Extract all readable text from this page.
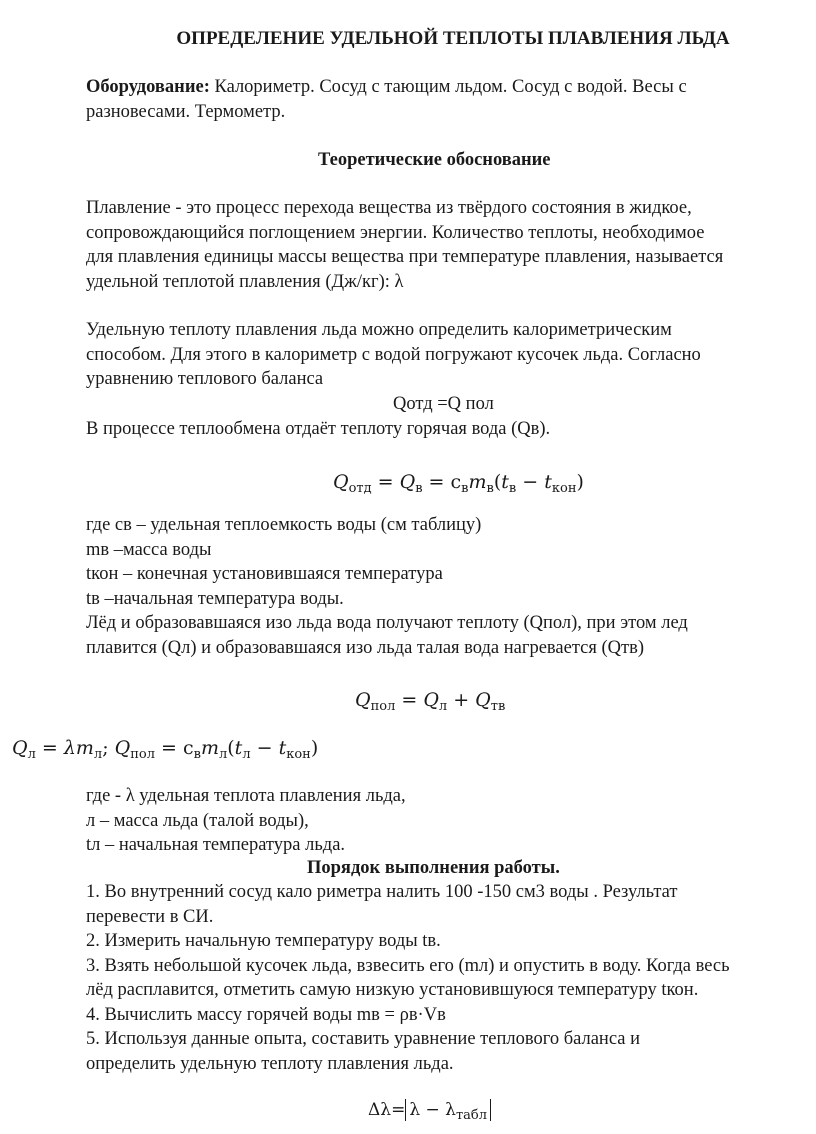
ОПРЕДЕЛЕНИЕ УДЕЛЬНОЙ ТЕПЛОТЫ ПЛАВЛЕНИЯ ЛЬДА
Оборудование: Калориметр. Сосуд с тающим льдом. Сосуд с водой. Весы с
разновесами. Термометр.
Теоретические обоснование
Плавление - это процесс перехода вещества из твёрдого состояния в жидкое,
сопровождающийся поглощением энергии. Количество теплоты, необходимое
для плавления единицы массы вещества при температуре плавления, называется
удельной теплотой плавления (Дж/кг): λ
Удельную теплоту плавления льда можно определить калориметрическим
способом. Для этого в калориметр с водой погружают кусочек льда. Согласно
уравнению теплового баланса
Qотд =Q пол
В процессе теплообмена отдаёт теплоту горячая вода (Qв).
$Q_{отд} = Q_в = c_вm_в(t_в - t_{кон})$
где св – удельная теплоемкость воды (см таблицу)
mв –масса воды
tкон – конечная установившаяся температура
tв –начальная температура воды.
Лёд и образовавшаяся изо льда вода получают теплоту (Qпол), при этом лед
плавится (Qл) и образовавшаяся изо льда талая вода нагревается (Qтв)
$Q_{пол} = Q_л + Q_{тв}$
$Q_л = \lambda m_л$; $Q_{пол} = c_вm_л(t_л - t_{кон})$
где - λ удельная теплота плавления льда,
л – масса льда (талой воды),
tл – начальная температура льда.
Порядок выполнения работы.
1. Во внутренний сосуд кало риметра налить 100 -150 см3 воды . Результат
перевести в СИ.
2. Измерить начальную температуру воды tв.
3. Взять небольшой кусочек льда, взвесить его (mл) и опустить в воду. Когда весь
лёд расплавится, отметить самую низкую установившуюся температуру tкон.
4. Вычислить массу горячей воды mв = ρв·Vв
5. Используя данные опыта, составить уравнение теплового баланса и
определить удельную теплоту плавления льда.
$\Delta\lambda= \lambda - \lambda_{табл}$
